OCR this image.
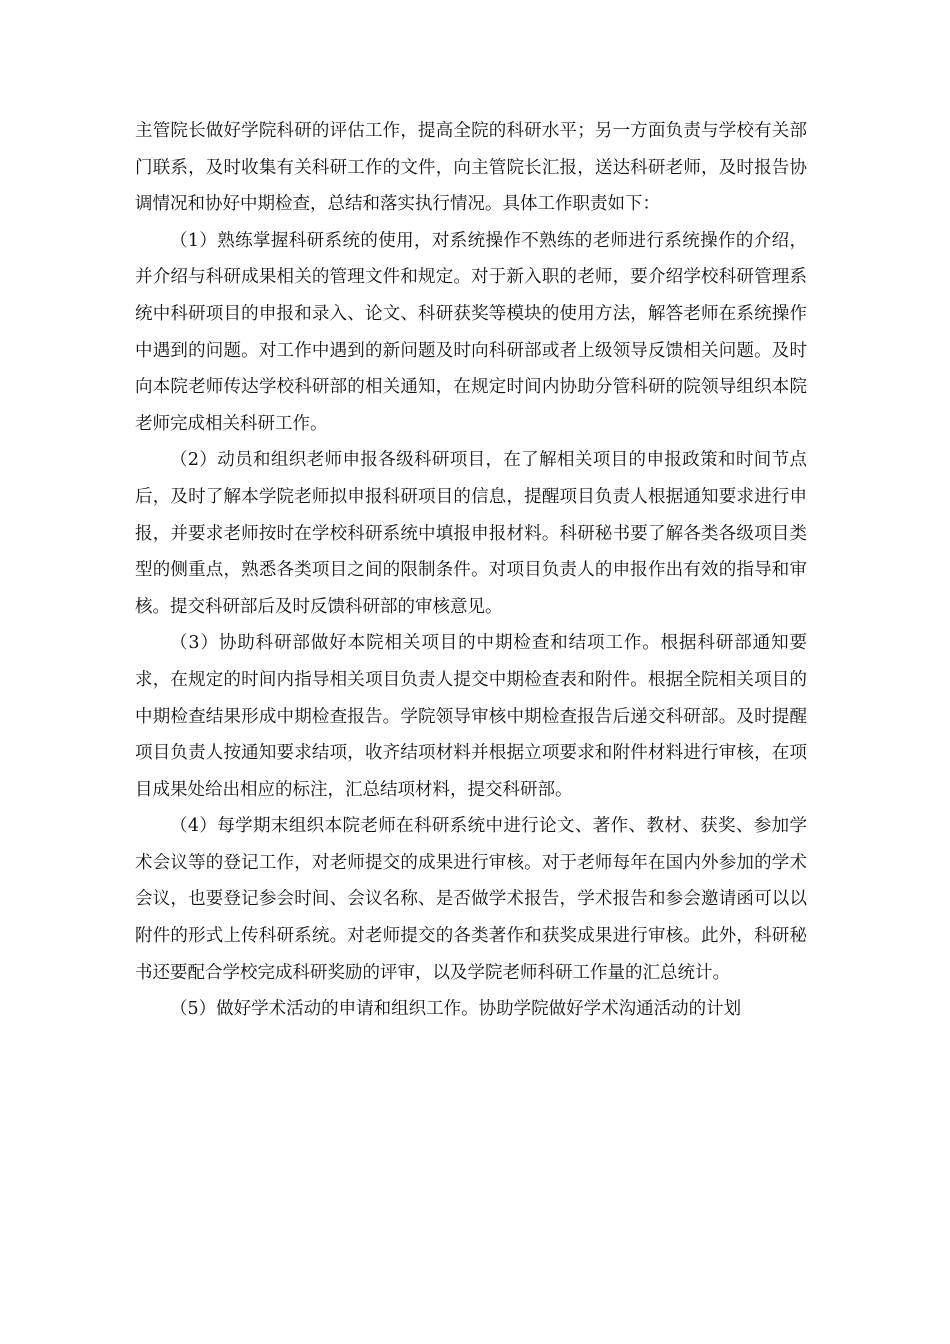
主管院长做好学院科研的评估工作，提高全院的科研水平；另一方面负责与学校有关部门联系，及时收集有关科研工作的文件，向主管院长汇报，送达科研老师，及时报告协调情况和协好中期检查，总结和落实执行情况。具体工作职责如下：

（1）熟练掌握科研系统的使用，对系统操作不熟练的老师进行系统操作的介绍，并介绍与科研成果相关的管理文件和规定。对于新入职的老师，要介绍学校科研管理系统中科研项目的申报和录入、论文、科研获奖等模块的使用方法，解答老师在系统操作中遇到的问题。对工作中遇到的新问题及时向科研部或者上级领导反馈相关问题。及时向本院老师传达学校科研部的相关通知，在规定时间内协助分管科研的院领导组织本院老师完成相关科研工作。

（2）动员和组织老师申报各级科研项目，在了解相关项目的申报政策和时间节点后，及时了解本学院老师拟申报科研项目的信息，提醒项目负责人根据通知要求进行申报，并要求老师按时在学校科研系统中填报申报材料。科研秘书要了解各类各级项目类型的侧重点，熟悉各类项目之间的限制条件。对项目负责人的申报作出有效的指导和审核。提交科研部后及时反馈科研部的审核意见。

（3）协助科研部做好本院相关项目的中期检查和结项工作。根据科研部通知要求，在规定的时间内指导相关项目负责人提交中期检查表和附件。根据全院相关项目的中期检查结果形成中期检查报告。学院领导审核中期检查报告后递交科研部。及时提醒项目负责人按通知要求结项，收齐结项材料并根据立项要求和附件材料进行审核，在项目成果处给出相应的标注，汇总结项材料，提交科研部。

（4）每学期末组织本院老师在科研系统中进行论文、著作、教材、获奖、参加学术会议等的登记工作，对老师提交的成果进行审核。对于老师每年在国内外参加的学术会议，也要登记参会时间、会议名称、是否做学术报告，学术报告和参会邀请函可以以附件的形式上传科研系统。对老师提交的各类著作和获奖成果进行审核。此外，科研秘书还要配合学校完成科研奖励的评审，以及学院老师科研工作量的汇总统计。

（5）做好学术活动的申请和组织工作。协助学院做好学术沟通活动的计划
